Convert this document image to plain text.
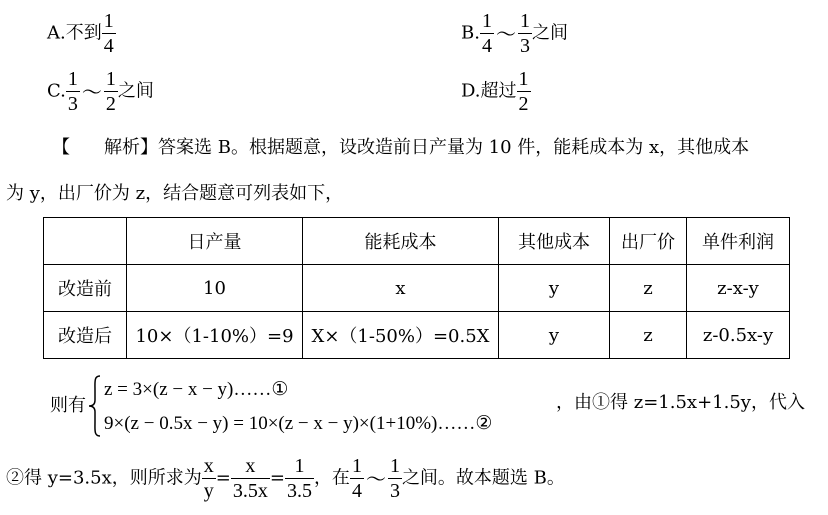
A.不到 $\frac{1}{4}$	B. $\frac{1}{4}$ ～ $\frac{1}{3}$ 之间
C. $\frac{1}{3}$ ～ $\frac{1}{2}$ 之间	D.超过 $\frac{1}{2}$
【 解析】答案选 B。根据题意，设改造前日产量为 10 件，能耗成本为 x，其他成本
为 y，出厂价为 z，结合题意可列表如下，
	日产量	能耗成本	其他成本	出厂价	单件利润
改造前	10	x	y	z	z-x-y
改造后	10×（1-10%）=9	X×（1-50%）=0.5X	y	z	z-0.5x-y
则有
z = 3×(z − x − y)……①
9×(z − 0.5x − y) = 10×(z − x − y)×(1+10%)……②
，由①得 z=1.5x+1.5y，代入
②得 y=3.5x，则所求为 $\frac{x}{y} = \frac{x}{3.5x} = \frac{1}{3.5}$ ，在 $\frac{1}{4}$ ～ $\frac{1}{3}$ 之间。故本题选 B。
